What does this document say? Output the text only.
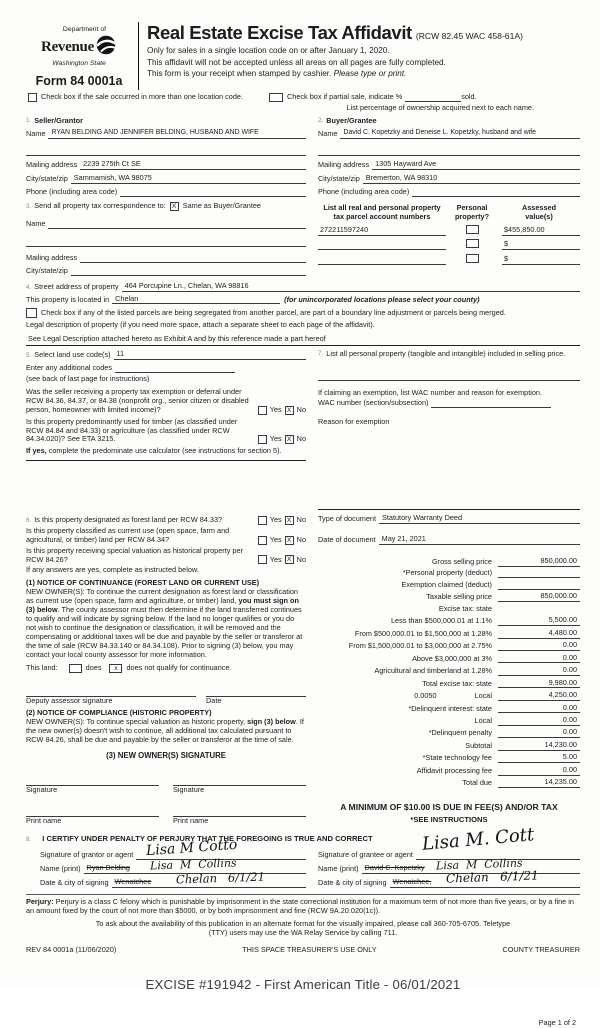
Department of
Revenue
Washington State
Form 84 0001a
Real Estate Excise Tax Affidavit (RCW 82.45 WAC 458-61A)
Only for sales in a single location code on or after January 1, 2020.
This affidavit will not be accepted unless all areas on all pages are fully completed.
This form is your receipt when stamped by cashier. Please type or print.
Check box if the sale occurred in more than one location code.	Check box if partial sale, indicate %	sold.
List percentage of ownership acquired next to each name.
1. Seller/Grantor
Name RYAN BELDING AND JENNIFER BELDING, HUSBAND AND WIFE
Mailing address 2239 275th Ct SE
City/state/zip Sammamish, WA 98075
Phone (including area code)
2. Buyer/Grantee
Name David C. Kopetzky and Deneise L. Kopetzky, husband and wife
Mailing address 1305 Hayward Ave
City/state/zip Bremerton, WA 98310
Phone (including area code)
3. Send all property tax correspondence to: X Same as Buyer/Grantee
Name
Mailing address
City/state/zip
List all real and personal property
tax parcel account numbers
Personal
property?
Assessed
value(s)
272211597240	$455,850.00
$
$
4. Street address of property 464 Porcupine Ln., Chelan, WA 98816
This property is located in Chelan	(for unincorporated locations please select your county)
Check box if any of the listed parcels are being segregated from another parcel, are part of a boundary line adjustment or parcels being merged.
Legal description of property (if you need more space, attach a separate sheet to each page of the affidavit).
See Legal Description attached hereto as Exhibit A and by this reference made a part hereof
5. Select land use code(s) 11
Enter any additional codes
(see back of last page for instructions)
Was the seller receiving a property tax exemption or deferral under RCW 84.36, 84.37, or 84.38 (nonprofit org., senior citizen or disabled person, homeowner with limited income)?	Yes X No
Is this property predominantly used for timber (as classified under RCW 84.84 and 84.33) or agriculture (as classified under RCW 84.34.020)? See ETA 3215.	Yes X No
If yes, complete the predominate use calculator (see instructions for section 5).
7. List all personal property (tangible and intangible) included in selling price.
If claiming an exemption, list WAC number and reason for exemption.
WAC number (section/subsection)
Reason for exemption
6. Is this property designated as forest land per RCW 84.33?	Yes X No
Is this property classified as current use (open space, farm and agricultural, or timber) land per RCW 84.34?	Yes X No
Is this property receiving special valuation as historical property per RCW 84.26?	Yes X No
If any answers are yes, complete as instructed below.
(1) NOTICE OF CONTINUANCE (FOREST LAND OR CURRENT USE)
NEW OWNER(S): To continue the current designation as forest land or classification as current use (open space, farm and agriculture, or timber) land, you must sign on (3) below. The county assessor must then determine if the land transferred continues to qualify and will indicate by signing below. If the land no longer qualifies or you do not wish to continue the designation or classification, it will be removed and the compensating or additional taxes will be due and payable by the seller or transferor at the time of sale (RCW 84.33.140 or 84.34.108). Prior to signing (3) below, you may contact your local county assessor for more information.
This land:	does	x	does not qualify for continuance.
Deputy assessor signature	Date
(2) NOTICE OF COMPLIANCE (HISTORIC PROPERTY)
NEW OWNER(S): To continue special valuation as historic property, sign (3) below. If the new owner(s) doesn't wish to continue, all additional tax calculated pursuant to RCW 84.26, shall be due and payable by the seller or transferor at the time of sale.
(3) NEW OWNER(S) SIGNATURE
Signature	Signature
Print name	Print name
Type of document Statutory Warranty Deed
Date of document May 21, 2021
Gross selling price	850,000.00
*Personal property (deduct)
Exemption claimed (deduct)
Taxable selling price	850,000.00
Excise tax: state
Less than $500,000.01 at 1.1%	5,500.00
From $500,000.01 to $1,500,000 at 1.28%	4,480.00
From $1,500,000.01 to $3,000,000 at 2.75%	0.00
Above $3,000,000 at 3%	0.00
Agricultural and timberland at 1.28%	0.00
Total excise tax: state	9,980.00
0.0050	Local	4,250.00
*Delinquent interest: state	0.00
Local	0.00
*Delinquent penalty	0.00
Subtotal	14,230.00
*State technology fee	5.00
Affidavit processing fee	0.00
Total due	14,235.00
A MINIMUM OF $10.00 IS DUE IN FEE(S) AND/OR TAX
*SEE INSTRUCTIONS
8. I CERTIFY UNDER PENALTY OF PERJURY THAT THE FOREGOING IS TRUE AND CORRECT
Signature of grantor or agent Lisa M Cotto
Name (print) Ryan Belding	Lisa  M  Collins
Date & city of signing Wenatchee	Chelan   6/1/21
Signature of grantee or agent Lisa M. Cott
Name (print) David C. Kopetzky	Lisa  M  Collins
Date & city of signing Wenatchee,	Chelan   6/1/21
Perjury: Perjury is a class C felony which is punishable by imprisonment in the state correctional institution for a maximum term of not more than five years, or by a fine in an amount fixed by the court of not more than $5000, or by both imprisonment and fine (RCW 9A.20.020(1c)).
To ask about the availability of this publication in an alternate format for the visually impaired, please call 360-705-6705. Teletype
(TTY) users may use the WA Relay Service by calling 711.
REV 84 0001a (11/06/2020)	THIS SPACE TREASURER'S USE ONLY	COUNTY TREASURER
EXCISE #191942 - First American Title - 06/01/2021
Page 1 of 2
